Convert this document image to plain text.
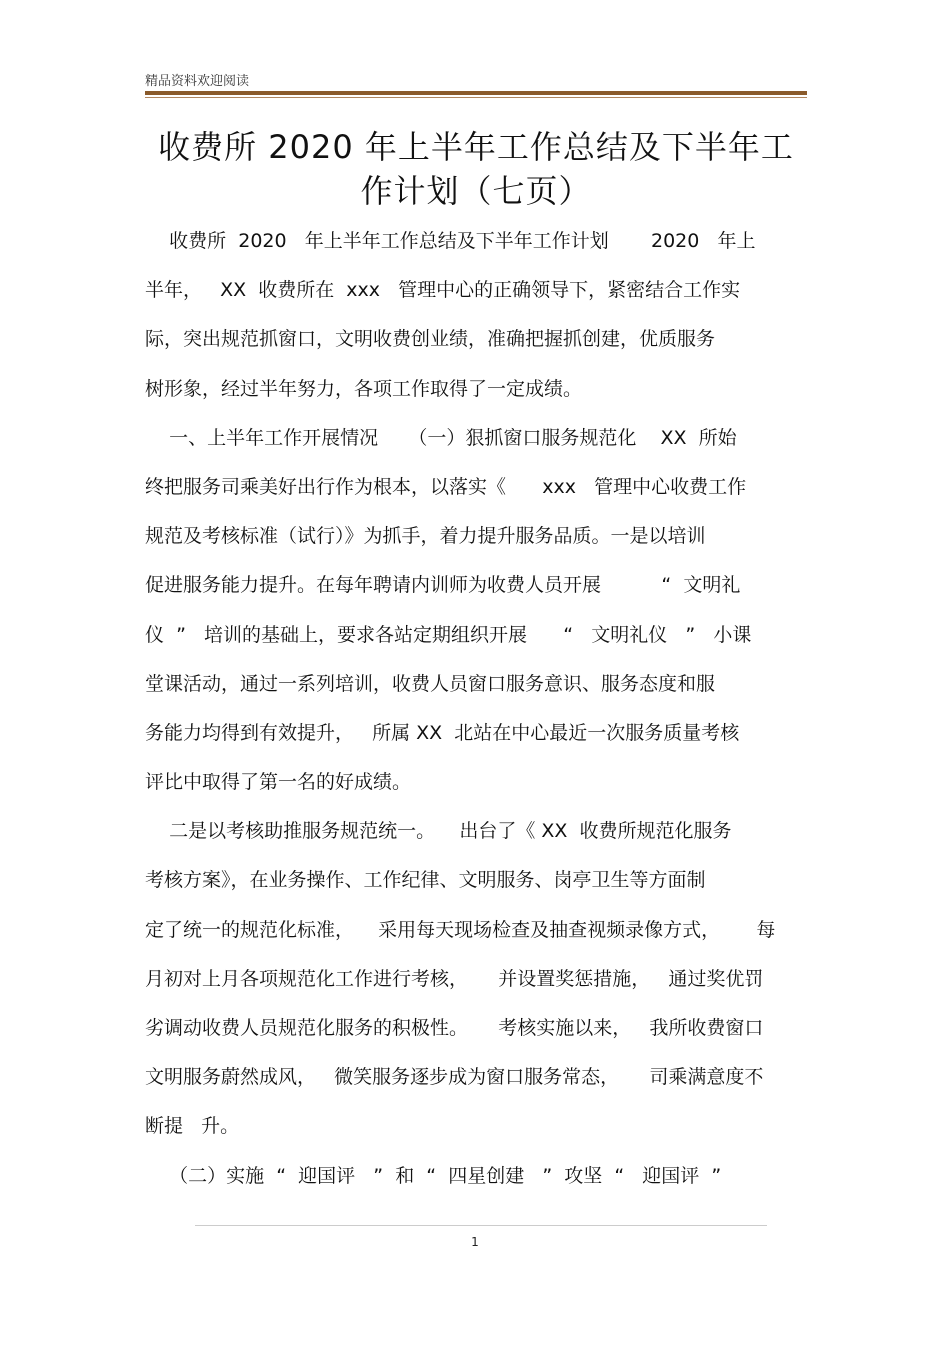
精品资料欢迎阅读
收费所 2020 年上半年工作总结及下半年工
作计划（七页）
收费所  2020   年上半年工作总结及下半年工作计划       2020   年上
半年，   XX  收费所在  xxx   管理中心的正确领导下，紧密结合工作实
际，突出规范抓窗口，文明收费创业绩，准确把握抓创建，优质服务
树形象，经过半年努力，各项工作取得了一定成绩。
一、上半年工作开展情况     （一）狠抓窗口服务规范化    XX  所始
终把服务司乘美好出行作为根本，以落实《      xxx   管理中心收费工作
规范及考核标准（试行）》为抓手，着力提升服务品质。一是以培训
促进服务能力提升。在每年聘请内训师为收费人员开展          “  文明礼
仪  ”   培训的基础上，要求各站定期组织开展      “   文明礼仪   ”   小课
堂课活动，通过一系列培训，收费人员窗口服务意识、服务态度和服
务能力均得到有效提升，   所属 XX  北站在中心最近一次服务质量考核
评比中取得了第一名的好成绩。
二是以考核助推服务规范统一。    出台了《 XX  收费所规范化服务
考核方案》，在业务操作、工作纪律、文明服务、岗亭卫生等方面制
定了统一的规范化标准，    采用每天现场检查及抽查视频录像方式，      每
月初对上月各项规范化工作进行考核，     并设置奖惩措施，   通过奖优罚
劣调动收费人员规范化服务的积极性。     考核实施以来，   我所收费窗口
文明服务蔚然成风，   微笑服务逐步成为窗口服务常态，     司乘满意度不
断提   升。
（二）实施  “  迎国评   ”  和  “  四星创建   ”  攻坚  “   迎国评  ”
1
